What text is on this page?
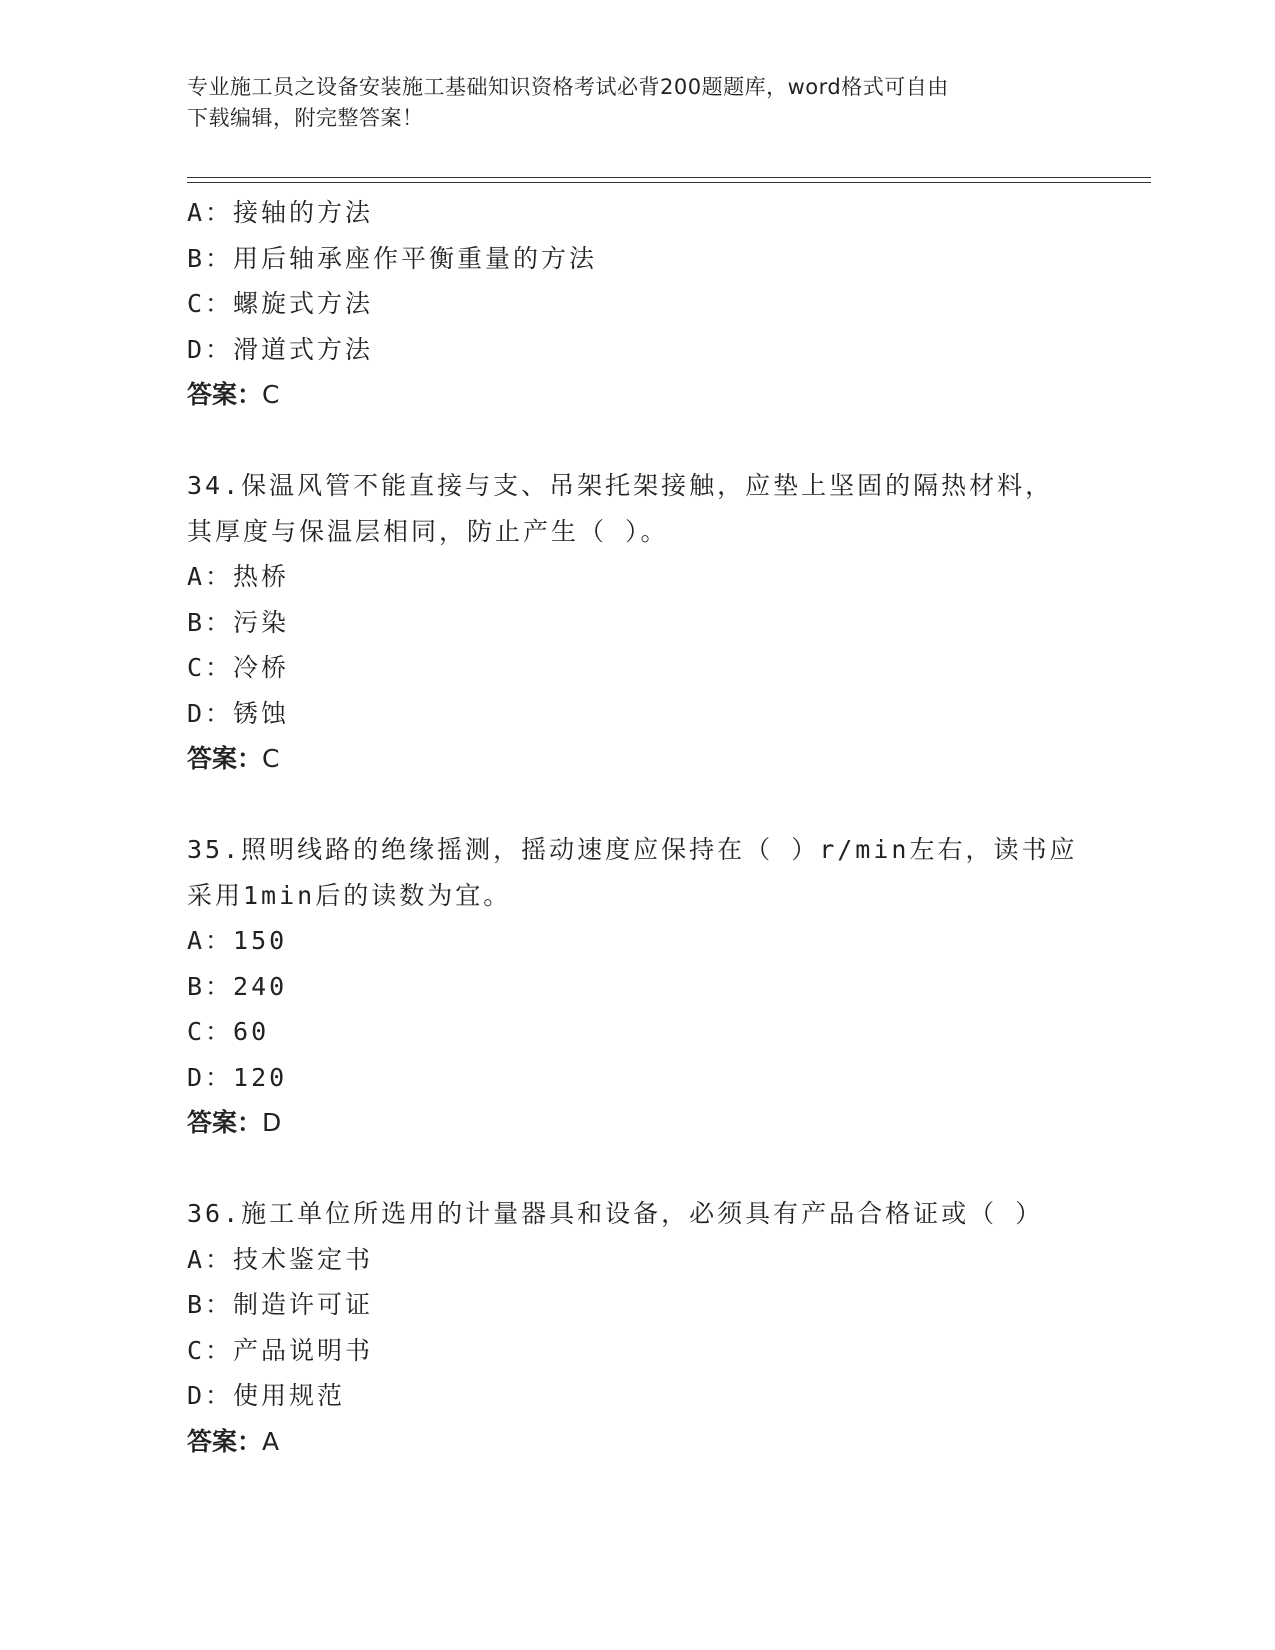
专业施工员之设备安装施工基础知识资格考试必背200题题库，word格式可自由
下载编辑，附完整答案！
A：接轴的方法
B：用后轴承座作平衡重量的方法
C：螺旋式方法
D：滑道式方法
答案：C
34.保温风管不能直接与支、吊架托架接触，应垫上坚固的隔热材料，
其厚度与保温层相同，防止产生（ ）。
A：热桥
B：污染
C：冷桥
D：锈蚀
答案：C
35.照明线路的绝缘摇测，摇动速度应保持在（ ）r/min左右，读书应
采用1min后的读数为宜。
A：150
B：240
C：60
D：120
答案：D
36.施工单位所选用的计量器具和设备，必须具有产品合格证或（ ）
A：技术鉴定书
B：制造许可证
C：产品说明书
D：使用规范
答案：A
